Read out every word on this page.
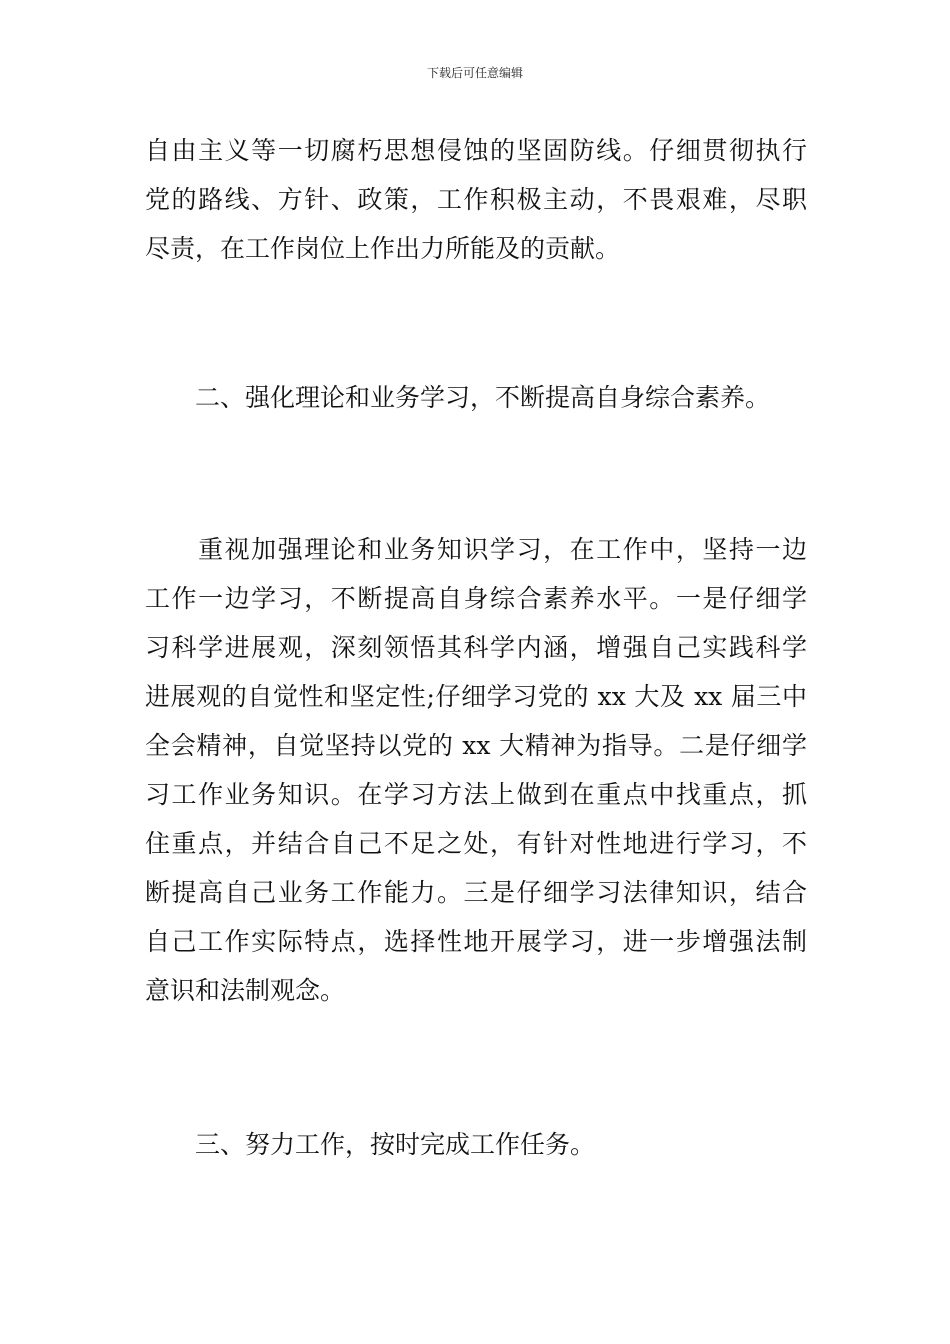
下载后可任意编辑
自由主义等一切腐朽思想侵蚀的坚固防线。仔细贯彻执行
党的路线、方针、政策，工作积极主动，不畏艰难，尽职
尽责，在工作岗位上作出力所能及的贡献。

二、强化理论和业务学习，不断提高自身综合素养。

　　重视加强理论和业务知识学习，在工作中，坚持一边
工作一边学习，不断提高自身综合素养水平。一是仔细学
习科学进展观，深刻领悟其科学内涵，增强自己实践科学
进展观的自觉性和坚定性;仔细学习党的 xx 大及 xx 届三中
全会精神，自觉坚持以党的 xx 大精神为指导。二是仔细学
习工作业务知识。在学习方法上做到在重点中找重点，抓
住重点，并结合自己不足之处，有针对性地进行学习，不
断提高自己业务工作能力。三是仔细学习法律知识，结合
自己工作实际特点，选择性地开展学习，进一步增强法制
意识和法制观念。

三、努力工作，按时完成工作任务。
